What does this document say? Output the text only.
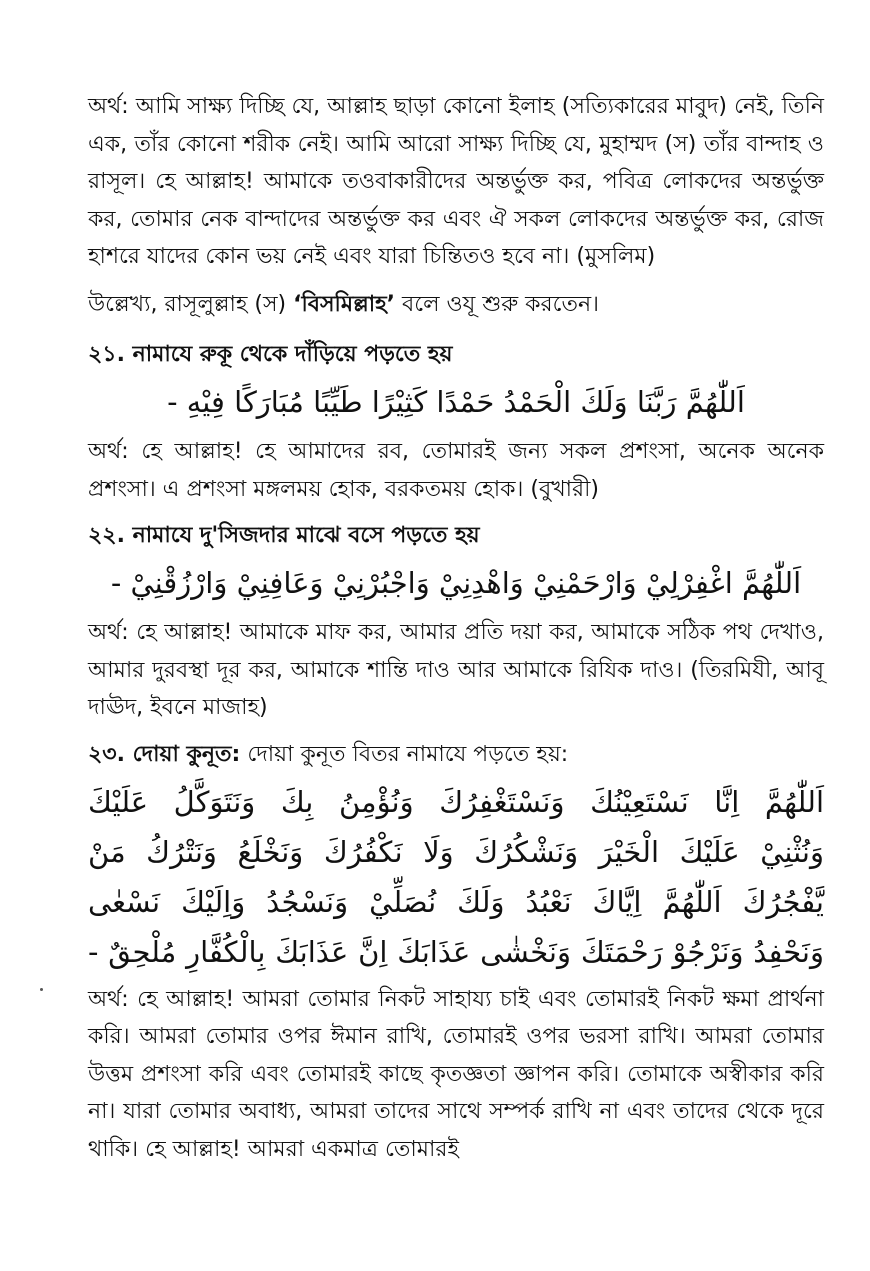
অর্থ: আমি সাক্ষ্য দিচ্ছি যে, আল্লাহ ছাড়া কোনো ইলাহ (সত্যিকারের মাবুদ) নেই, তিনি এক, তাঁর কোনো শরীক নেই। আমি আরো সাক্ষ্য দিচ্ছি যে, মুহাম্মদ (স) তাঁর বান্দাহ ও রাসূল। হে আল্লাহ! আমাকে তওবাকারীদের অন্তর্ভুক্ত কর, পবিত্র লোকদের অন্তর্ভুক্ত কর, তোমার নেক বান্দাদের অন্তর্ভুক্ত কর এবং ঐ সকল লোকদের অন্তর্ভুক্ত কর, রোজ হাশরে যাদের কোন ভয় নেই এবং যারা চিন্তিতও হবে না। (মুসলিম)

উল্লেখ্য, রাসূলুল্লাহ (স) ‘বিসমিল্লাহ’ বলে ওযূ শুরু করতেন।

২১. নামাযে রুকূ থেকে দাঁড়িয়ে পড়তে হয়

اَللّٰهُمَّ رَبَّنَا وَلَكَ الْحَمْدُ حَمْدًا كَثِيْرًا طَيِّبًا مُبَارَكًا فِيْهِ -

অর্থ: হে আল্লাহ! হে আমাদের রব, তোমারই জন্য সকল প্রশংসা, অনেক অনেক প্রশংসা। এ প্রশংসা মঙ্গলময় হোক, বরকতময় হোক। (বুখারী)

২২. নামাযে দু'সিজদার মাঝে বসে পড়তে হয়

اَللّٰهُمَّ اغْفِرْلِيْ وَارْحَمْنِيْ وَاهْدِنِيْ وَاجْبُرْنِيْ وَعَافِنِيْ وَارْزُقْنِيْ -

অর্থ: হে আল্লাহ! আমাকে মাফ কর, আমার প্রতি দয়া কর, আমাকে সঠিক পথ দেখাও, আমার দুরবস্থা দূর কর, আমাকে শান্তি দাও আর আমাকে রিযিক দাও। (তিরমিযী, আবূ দাঊদ, ইবনে মাজাহ)

২৩. দোয়া কুনূত: দোয়া কুনূত বিতর নামাযে পড়তে হয়:

اَللّٰهُمَّ اِنَّا نَسْتَعِيْنُكَ وَنَسْتَغْفِرُكَ وَنُؤْمِنُ بِكَ وَنَتَوَكَّلُ عَلَيْكَ

وَنُثْنِيْ عَلَيْكَ الْخَيْرَ وَنَشْكُرُكَ وَلَا نَكْفُرُكَ وَنَخْلَعُ وَنَتْرُكُ مَنْ

يَّفْجُرُكَ اَللّٰهُمَّ اِيَّاكَ نَعْبُدُ وَلَكَ نُصَلِّيْ وَنَسْجُدُ وَاِلَيْكَ نَسْعٰى

وَنَحْفِدُ وَنَرْجُوْ رَحْمَتَكَ وَنَخْشٰى عَذَابَكَ اِنَّ عَذَابَكَ بِالْكُفَّارِ مُلْحِقٌ -

অর্থ: হে আল্লাহ! আমরা তোমার নিকট সাহায্য চাই এবং তোমারই নিকট ক্ষমা প্রার্থনা করি। আমরা তোমার ওপর ঈমান রাখি, তোমারই ওপর ভরসা রাখি। আমরা তোমার উত্তম প্রশংসা করি এবং তোমারই কাছে কৃতজ্ঞতা জ্ঞাপন করি। তোমাকে অস্বীকার করি না। যারা তোমার অবাধ্য, আমরা তাদের সাথে সম্পর্ক রাখি না এবং তাদের থেকে দূরে থাকি। হে আল্লাহ! আমরা একমাত্র তোমারই
